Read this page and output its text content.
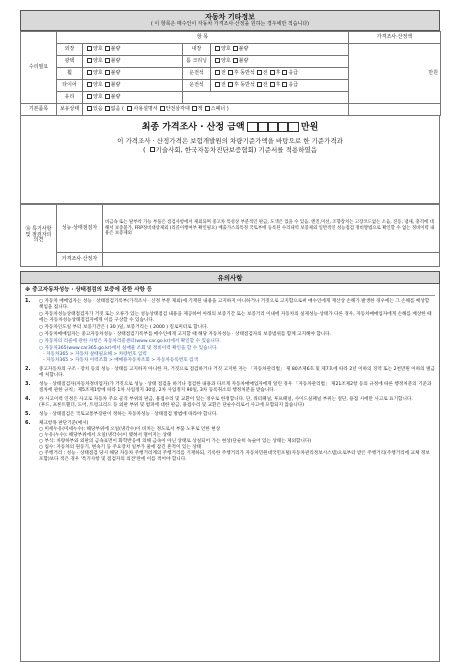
자동차 기타정보
( 이 항목은 매수인이 자동차 가격조사·산정을 원하는 경우에만 적습니다)
수리필요	항 목				가격조사·산정액
	외장	양호 불량	내장	양호 불량	만원
	광택	양호 불량	룸 크리닝	양호 불량	
	휠	양호 불량	운전석	전 후 동반석 전 후 응급	
	타이어	양호 불량	운전석	전 후 동반석 전 후 응급	
	유리	양호 불량			
기본품목	보유상태	있음 없음 ( 사용설명서 안전삼각대 잭 스패너 )			
최종 가격조사 · 산정 금액	만원
이 가격조사 · 산정가격은 보험개발원의 차량기준가액을 바탕으로 한 기준가격과
( 기술사회, 한국자동차진단보증협회) 기준서를 적용하였음
⑯ 특기사항 및 점검자의 의견	성능·상태점검자	비금속 또는 탈부착 가능 부품은 점검사항에서 제외되며 중고차 특성상 부분적인 판금, 도색은 있을 수 있음. 엔진,미션, 조향장치는 고장코드없는 소음, 진동, 냄새, 충격에 대해서 보증불가, FRP정비대상제외 (리콜이행여부 확인필요) 배출가스의특정 국토부에 등록된 수리내역 보증제외 일반적인 성능점검 정비방법으로 확인할 수 없는 정비이력 내용은 보증제외
	가격조사·산정자	
유의사항
※ 중고자동차성능 · 상태점검의 보증에 관한 사항 등
1.	○ 자동차 매매업자는 성능 · 상태점검기록부(가격조사 · 산정 부분 제외)에 기재된 내용을 고지하지 아니하거나 거짓으로 고지함으로써 매수인에게 재산상 손해가 발생한 경우에는 그 손해를 배상할 책임을 집니다.
○ 자동차성능상태점검자가 거짓 또는 오류가 있는 성능상태점검 내용을 제공하여 아래의 보증기간 또는 보증거리 이내에 자동차의 실제성능·상태가 다른 경우, 자동차매매업자에게 손해를 배상한 때에는 자동차성능상태점검자에게 이를 구상할 수 있습니다.
○ 자동차인도일 부터 보증기간은 ( 30 )일, 보증거리는 ( 2000 ) 킬로미터로 합니다.
○ 자동차매매업자는 중고자동차성능 · 상태점검기록부를 매수인에게 고지할 때 해당 자동차성능 · 상태점검자의 보증범위를 함께 고지해야 합니다.
○ 자동차의 리콜에 관한 사항은 자동차리콜센터(www.car.go.kr)에서 확인할 수 있습니다.
○ 자동차365(www.car365.go.kr)에서 실매물 조회 및 정비이력 확인을 할 수 있습니다.
- 자동차365 > 자동차 살때필요해 > 차량번호 입력
- 자동차365 > 자동차 이력조회 > 매매용자동차조회 > 자동차등록번호 검색
2.	중고자동차의 구조 · 장치 등의 성능 · 상태를 고지하지 아니한 자, 거짓으로 점검하거나 거짓 고지한 자는 「자동차관리법」 제 80조제6호 및 제7호에 따라 2년 이하의 징역 또는 2천만원 이하의 벌금에 처합니다.
3.	성능 · 상태점검자(자동차정비업자)가 거짓으로 성능 · 상태 점검을 하거나 점검한 내용과 다르게 자동차매매업자에게 알린 경우 「자동차관리법」 제21조제2항 등의 규정에 따른 행정처분의 기준과 절차에 관한 규칙」제5조제1항에 따라 1차 사업정지 30일, 2차 사업정지 90일, 3차 등록취소의 행정처분을 받습니다.
4.	㉮ 사고이력 인정은 사고로 자동차 주요 골격 부위의 판금, 용접수리 및 교환이 있는 경우로 한정합니다. 단, 쿼터패널, 루프패널, 사이드실패널 부위는 절단, 용접 시에만 사고로 표기합니다.
(후드, 프론트휀더, 도어, 트렁크리드 등 외판 부위 및 범퍼에 대한 판금, 용접수리 및 교환은 단순수리로서 사고에 포함되지 않습니다)
5.	성능 · 상태점검은 국토교통부장관이 정하는 자동차성능 · 상태점검 방법에 따라야 합니다.
6.	체크항목 판단기준(예시)
○ 미세누유(미세누수): 해당부위에 오일(냉각수)이 비치는 정도로서 부품 노후로 인한 현상
○ 누유(누수): 해당부위에서 오일(냉각수)이 맺혀서 떨어지는 상태
○ 부식: 차량하부와 외판의 금속표면이 화학반응에 의해 금속이 아닌 상태로 상실되어 가는 현상(단순히 녹슬어 있는 상태는 제외합니다)
○ 침수: 자동차의 원동기, 변속기 등 주요장치 일부가 물에 잠긴 흔적이 있는 상태
○ 주행거리 : 성능 · 상태점검 당시 해당 자동차 주행거리계의 주행거리를 기재하되, 기록한 주행거리가 자동차민원대국민포털(자동차관리정보시스템)으로부터 받은 주행거리(주행거리에 교체 정보 포함)보다 적은 경우 '특기사항 및 점검자의 의견'란에 이를 적어야 합니다.
